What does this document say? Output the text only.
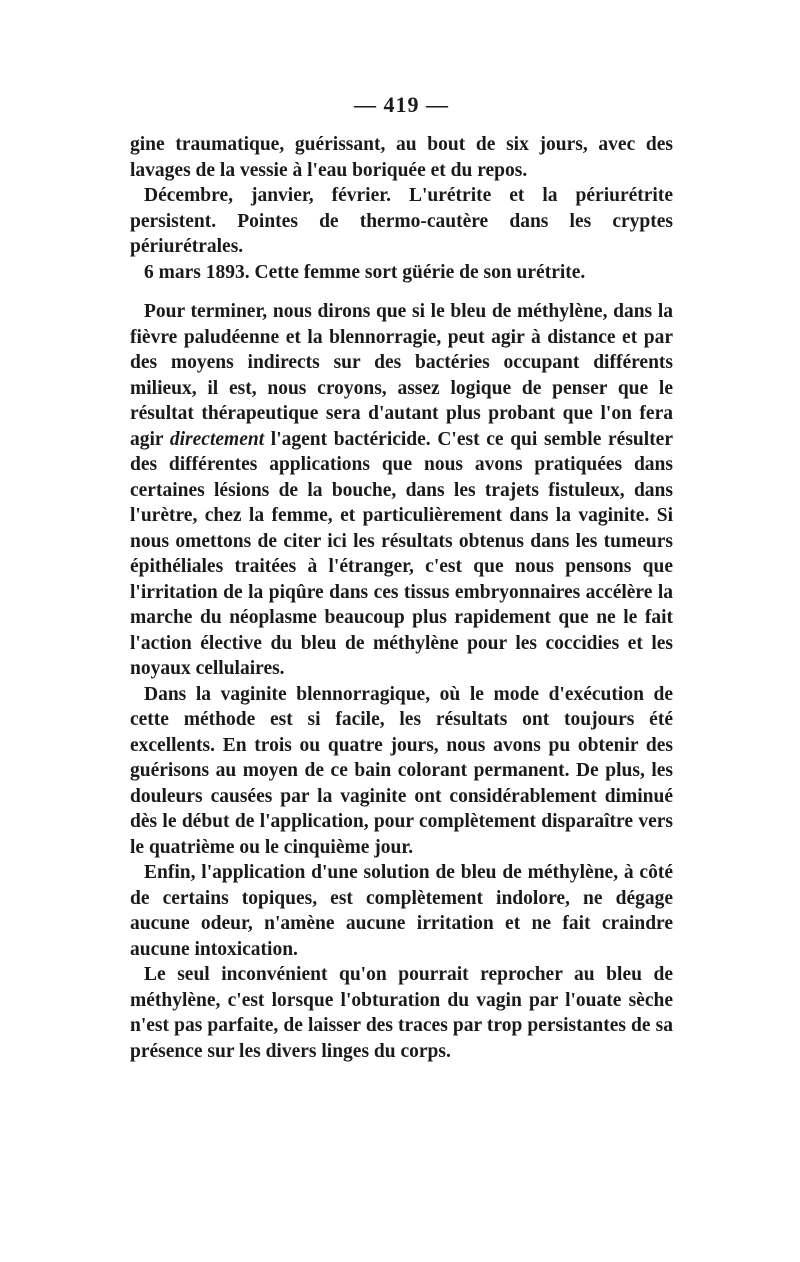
— 419 —

gine traumatique, guérissant, au bout de six jours, avec des lavages de la vessie à l'eau boriquée et du repos.

Décembre, janvier, février. L'urétrite et la périurétrite persistent. Pointes de thermo-cautère dans les cryptes périurétrales.

6 mars 1893. Cette femme sort güérie de son urétrite.

Pour terminer, nous dirons que si le bleu de méthylène, dans la fièvre paludéenne et la blennorragie, peut agir à distance et par des moyens indirects sur des bactéries occupant différents milieux, il est, nous croyons, assez logique de penser que le résultat thérapeutique sera d'autant plus probant que l'on fera agir directement l'agent bactéricide. C'est ce qui semble résulter des différentes applications que nous avons pratiquées dans certaines lésions de la bouche, dans les trajets fistuleux, dans l'urètre, chez la femme, et particulièrement dans la vaginite. Si nous omettons de citer ici les résultats obtenus dans les tumeurs épithéliales traitées à l'étranger, c'est que nous pensons que l'irritation de la piqûre dans ces tissus embryonnaires accélère la marche du néoplasme beaucoup plus rapidement que ne le fait l'action élective du bleu de méthylène pour les coccidies et les noyaux cellulaires.

Dans la vaginite blennorragique, où le mode d'exécution de cette méthode est si facile, les résultats ont toujours été excellents. En trois ou quatre jours, nous avons pu obtenir des guérisons au moyen de ce bain colorant permanent. De plus, les douleurs causées par la vaginite ont considérablement diminué dès le début de l'application, pour complètement disparaître vers le quatrième ou le cinquième jour.

Enfin, l'application d'une solution de bleu de méthylène, à côté de certains topiques, est complètement indolore, ne dégage aucune odeur, n'amène aucune irritation et ne fait craindre aucune intoxication.

Le seul inconvénient qu'on pourrait reprocher au bleu de méthylène, c'est lorsque l'obturation du vagin par l'ouate sèche n'est pas parfaite, de laisser des traces par trop persistantes de sa présence sur les divers linges du corps.
